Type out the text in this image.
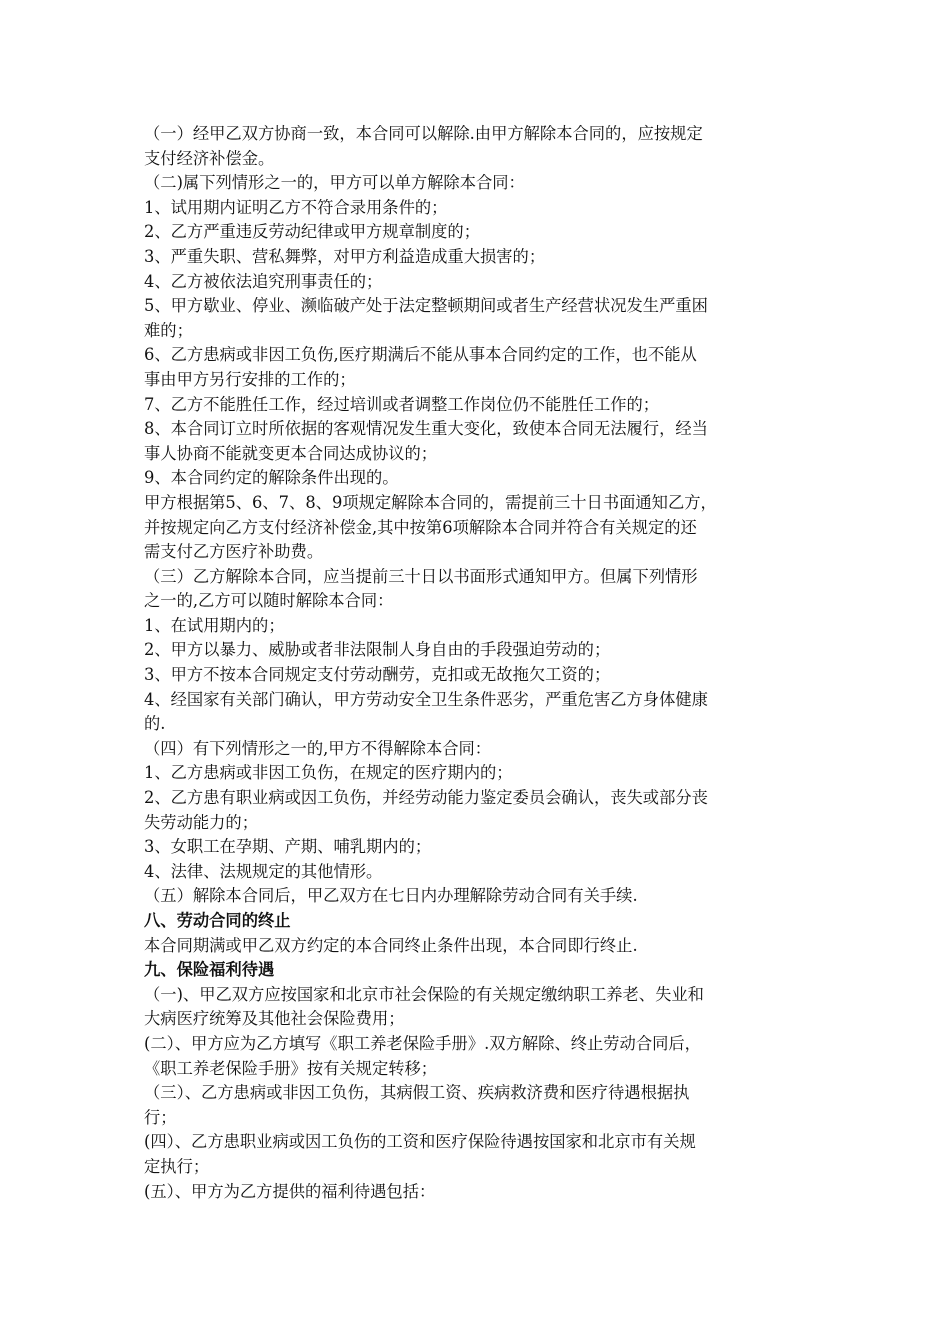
（一）经甲乙双方协商一致，本合同可以解除.由甲方解除本合同的，应按规定
支付经济补偿金。
（二)属下列情形之一的，甲方可以单方解除本合同：
1、试用期内证明乙方不符合录用条件的；
2、乙方严重违反劳动纪律或甲方规章制度的；
3、严重失职、营私舞弊，对甲方利益造成重大损害的；
4、乙方被依法追究刑事责任的；
5、甲方歇业、停业、濒临破产处于法定整顿期间或者生产经营状况发生严重困
难的；
6、乙方患病或非因工负伤,医疗期满后不能从事本合同约定的工作，也不能从
事由甲方另行安排的工作的；
7、乙方不能胜任工作，经过培训或者调整工作岗位仍不能胜任工作的；
8、本合同订立时所依据的客观情况发生重大变化，致使本合同无法履行，经当
事人协商不能就变更本合同达成协议的；
9、本合同约定的解除条件出现的。
甲方根据第5、6、7、8、9项规定解除本合同的，需提前三十日书面通知乙方，
并按规定向乙方支付经济补偿金,其中按第6项解除本合同并符合有关规定的还
需支付乙方医疗补助费。
（三）乙方解除本合同，应当提前三十日以书面形式通知甲方。但属下列情形
之一的,乙方可以随时解除本合同：
1、在试用期内的；
2、甲方以暴力、威胁或者非法限制人身自由的手段强迫劳动的；
3、甲方不按本合同规定支付劳动酬劳，克扣或无故拖欠工资的；
4、经国家有关部门确认，甲方劳动安全卫生条件恶劣，严重危害乙方身体健康
的.
（四）有下列情形之一的,甲方不得解除本合同：
1、乙方患病或非因工负伤，在规定的医疗期内的；
2、乙方患有职业病或因工负伤，并经劳动能力鉴定委员会确认，丧失或部分丧
失劳动能力的；
3、女职工在孕期、产期、哺乳期内的；
4、法律、法规规定的其他情形。
（五）解除本合同后，甲乙双方在七日内办理解除劳动合同有关手续.
八、劳动合同的终止
本合同期满或甲乙双方约定的本合同终止条件出现，本合同即行终止.
九、保险福利待遇
（一)、甲乙双方应按国家和北京市社会保险的有关规定缴纳职工养老、失业和
大病医疗统筹及其他社会保险费用；
(二）、甲方应为乙方填写《职工养老保险手册》.双方解除、终止劳动合同后，
《职工养老保险手册》按有关规定转移；
（三）、乙方患病或非因工负伤，其病假工资、疾病救济费和医疗待遇根据执
行；
(四）、乙方患职业病或因工负伤的工资和医疗保险待遇按国家和北京市有关规
定执行；
(五）、甲方为乙方提供的福利待遇包括：
